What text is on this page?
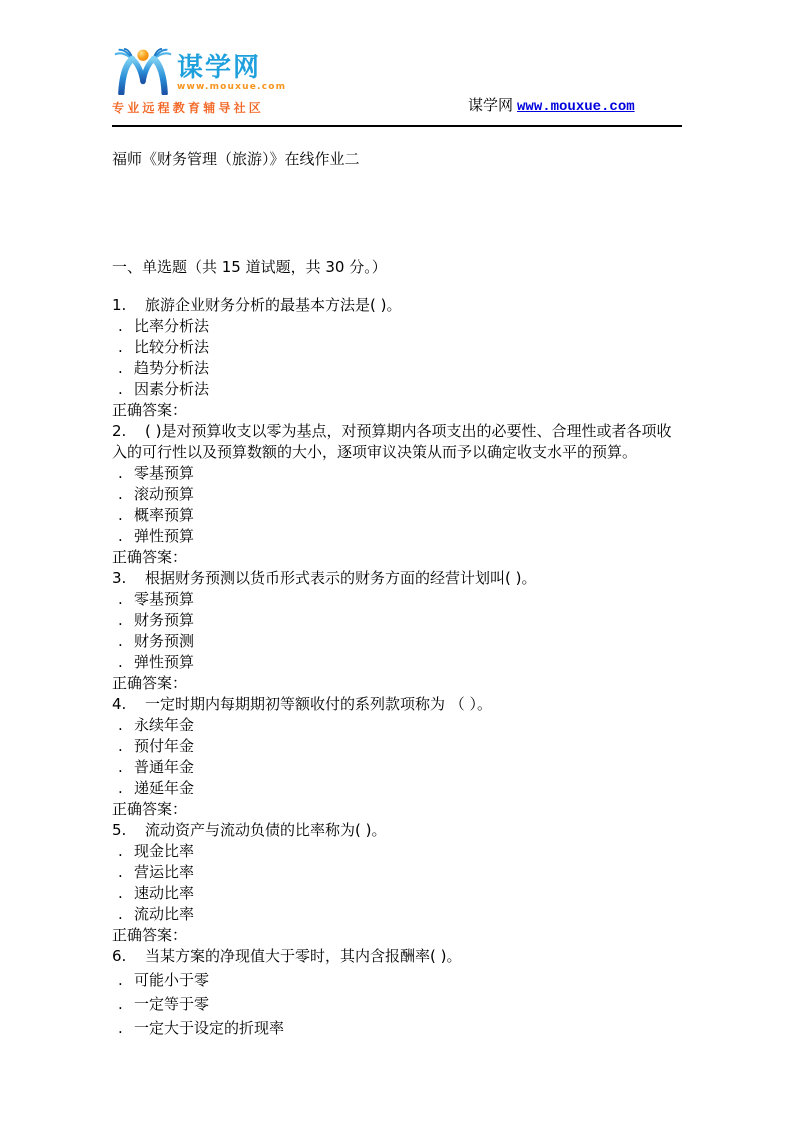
谋学网
www.mouxue.com
专业远程教育辅导社区	谋学网 www.mouxue.com
福师《财务管理（旅游）》在线作业二
一、单选题（共 15 道试题，共 30 分。）

1. 旅游企业财务分析的最基本方法是( )。

. 比率分析法
. 比较分析法
. 趋势分析法
. 因素分析法

正确答案：

2. ( )是对预算收支以零为基点，对预算期内各项支出的必要性、合理性或者各项收入的可行性以及预算数额的大小，逐项审议决策从而予以确定收支水平的预算。

. 零基预算
. 滚动预算
. 概率预算
. 弹性预算

正确答案：

3. 根据财务预测以货币形式表示的财务方面的经营计划叫( )。

. 零基预算
. 财务预算
. 财务预测
. 弹性预算

正确答案：

4. 一定时期内每期期初等额收付的系列款项称为 （ ）。

. 永续年金
. 预付年金
. 普通年金
. 递延年金

正确答案：

5. 流动资产与流动负债的比率称为( )。

. 现金比率
. 营运比率
. 速动比率
. 流动比率

正确答案：

6. 当某方案的净现值大于零时，其内含报酬率( )。

. 可能小于零
. 一定等于零
. 一定大于设定的折现率
